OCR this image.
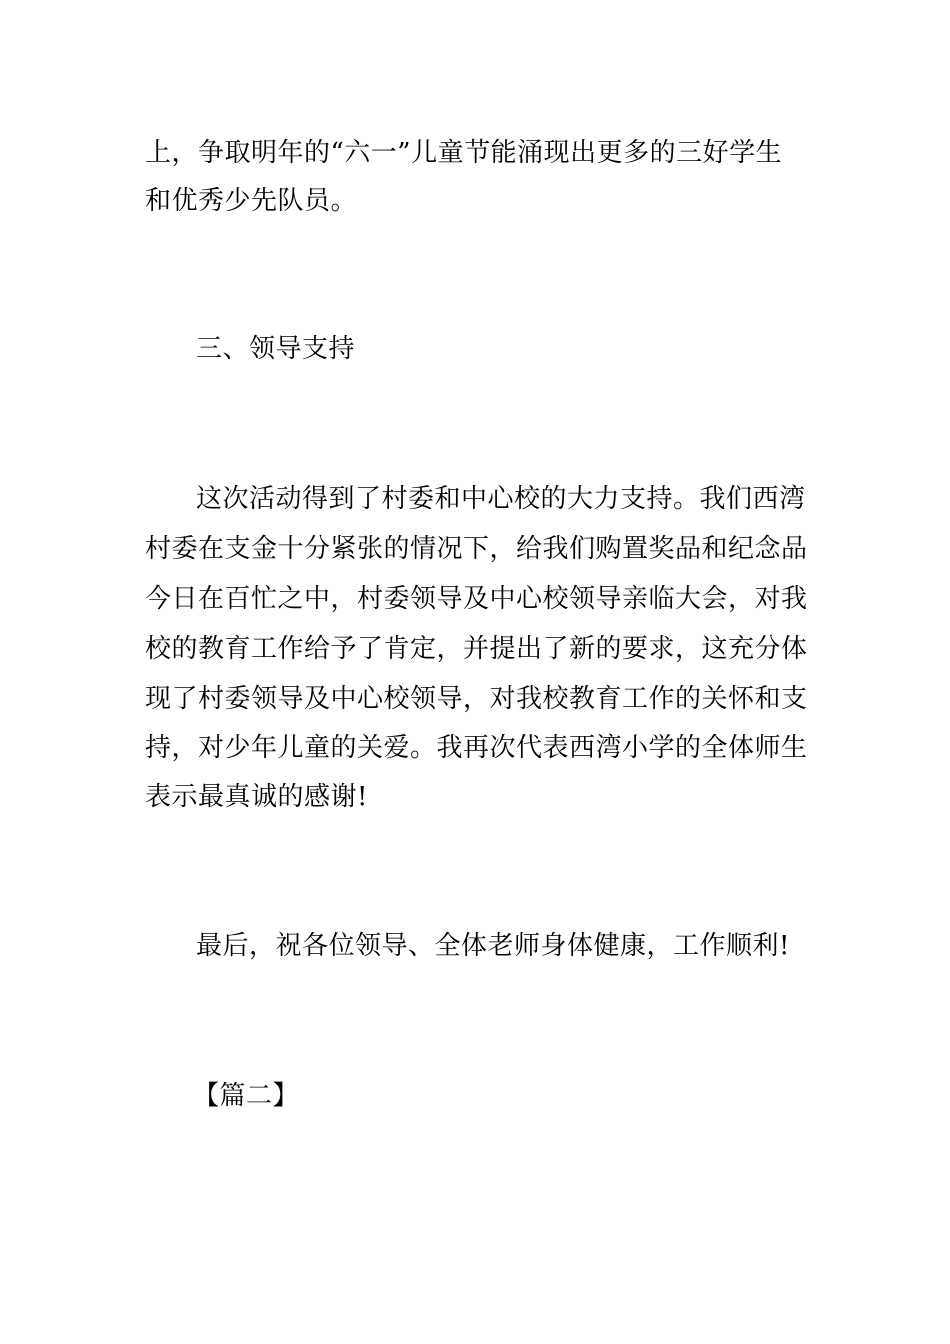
上，争取明年的“六一”儿童节能涌现出更多的三好学生
和优秀少先队员。
三、领导支持
这次活动得到了村委和中心校的大力支持。我们西湾
村委在支金十分紧张的情况下，给我们购置奖品和纪念品
今日在百忙之中，村委领导及中心校领导亲临大会，对我
校的教育工作给予了肯定，并提出了新的要求，这充分体
现了村委领导及中心校领导，对我校教育工作的关怀和支
持，对少年儿童的关爱。我再次代表西湾小学的全体师生
表示最真诚的感谢!
最后，祝各位领导、全体老师身体健康，工作顺利!
【篇二】
